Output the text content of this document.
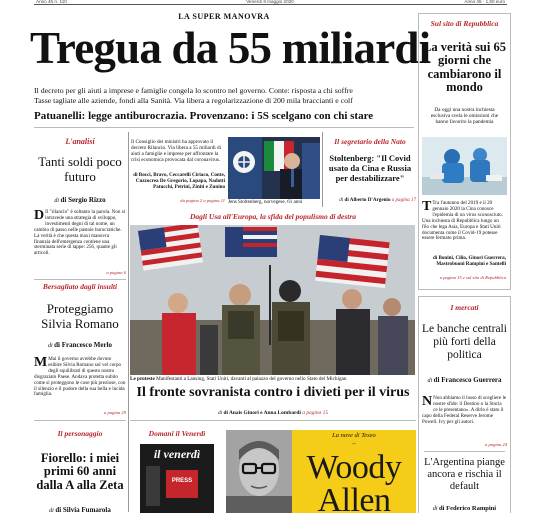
Anno 45 n. 110	Venerdì 8 maggio 2020	Anno 45 · 1,50 euro
LA SUPER MANOVRA
Tregua da 55 miliardi
Il decreto per gli aiuti a imprese e famiglie congela lo scontro nel governo. Conte: risposta a chi soffre
Tasse tagliate alle aziende, fondi alla Sanità. Via libera a regolarizzazione di 200 mila braccianti e colf
Patuanelli: legge antiburocrazia. Provenzano: i 5S scelgano con chi stare
Sul sito di Repubblica
La verità sui 65 giorni che cambiarono il mondo
Da oggi una nostra inchiesta esclusiva svela le omissioni che hanno favorito la pandemia
T Tra l'autunno del 2019 e il 20 gennaio 2020 la Cina conosce l'epidemia di un virus sconosciuto. Una inchiesta di Repubblica lungo un filo che lega Asia, Europa e Stati Uniti documenta come il Covid-19 potesse essere fermato prima.
di Bonini, Cilio, Ginori Guerrera, Mastrobuoni Rampini e Santelli
a pagina 15 e sul sito di Repubblica
L'analisi
Tanti soldi poco futuro
di di Sergio Rizzo
D Il "rilancio" è soltanto la parola. Non si intravede una strategia di sviluppo, investimenti degni di tal nome, un cambio di passo nelle pastoie burocratiche. La verità è che questa maxi manovra finanzia dell'emergenza contiene una sterminata serie di tappe: 256, quante gli articoli.
a pagina 6
Bersagliato dagli insulti
Proteggiamo Silvia Romano
di di Francesco Merlo
M Mai il governo avrebbe dovuto esibire Silvia Romano sol vel corpo degli squilibrati di questo nostro disgraziato Paese. Andava protetta subito come si proteggono le cose più preziose, con il silenzio e il pudore della sua bella e lucida famiglia.
a pagina 29
Il personaggio
Fiorello: i miei primi 60 anni dalla A alla Zeta
di di Silvia Fumarola
Il Consiglio dei ministri ha approvato il decreto Rilancio. Via libera a 55 miliardi di aiuti a famiglie e imprese per affrontare la crisi economica provocata dal coronavirus.
di Bocci, Bravo, Ceccarelli Ciriaco, Conte, Cuzzocrea De Gregorio, Lopapa, Nadotti Patucchi, Petrini, Ziniti e Zunino
da pagina 2 a pagina 11 Jens Stoltenberg, norvegese, 61 anni
Il segretario della Nato
Stoltenberg: "Il Covid usato da Cina e Russia per destabilizzare"
di di Alberto D'Argenio a pagina 17
Dagli Usa all'Europa, la sfida del populismo di destra
Le proteste Manifestanti a Lansing, Stati Uniti, davanti al palazzo del governo nello Stato del Michigan
Il fronte sovranista contro i divieti per il virus
di di Anais Ginori e Anna Lombardi a pagina 15
Domani il Venerdì
il venerdì
PRESS
La nave di Teseo
⌒
Woody
Allen
I mercati
Le banche centrali più forti della politica
di di Francesco Guerrera
N Non abbiamo il lusso di scegliere le nostre sfide: il Destino o la Storia ce le presentano». A dirlo è stato il capo della Federal Reserve Jerome Powell. Ivy per gli autori.
a pagina 24
L'Argentina piange ancora e rischia il default
di di Federico Rampini
